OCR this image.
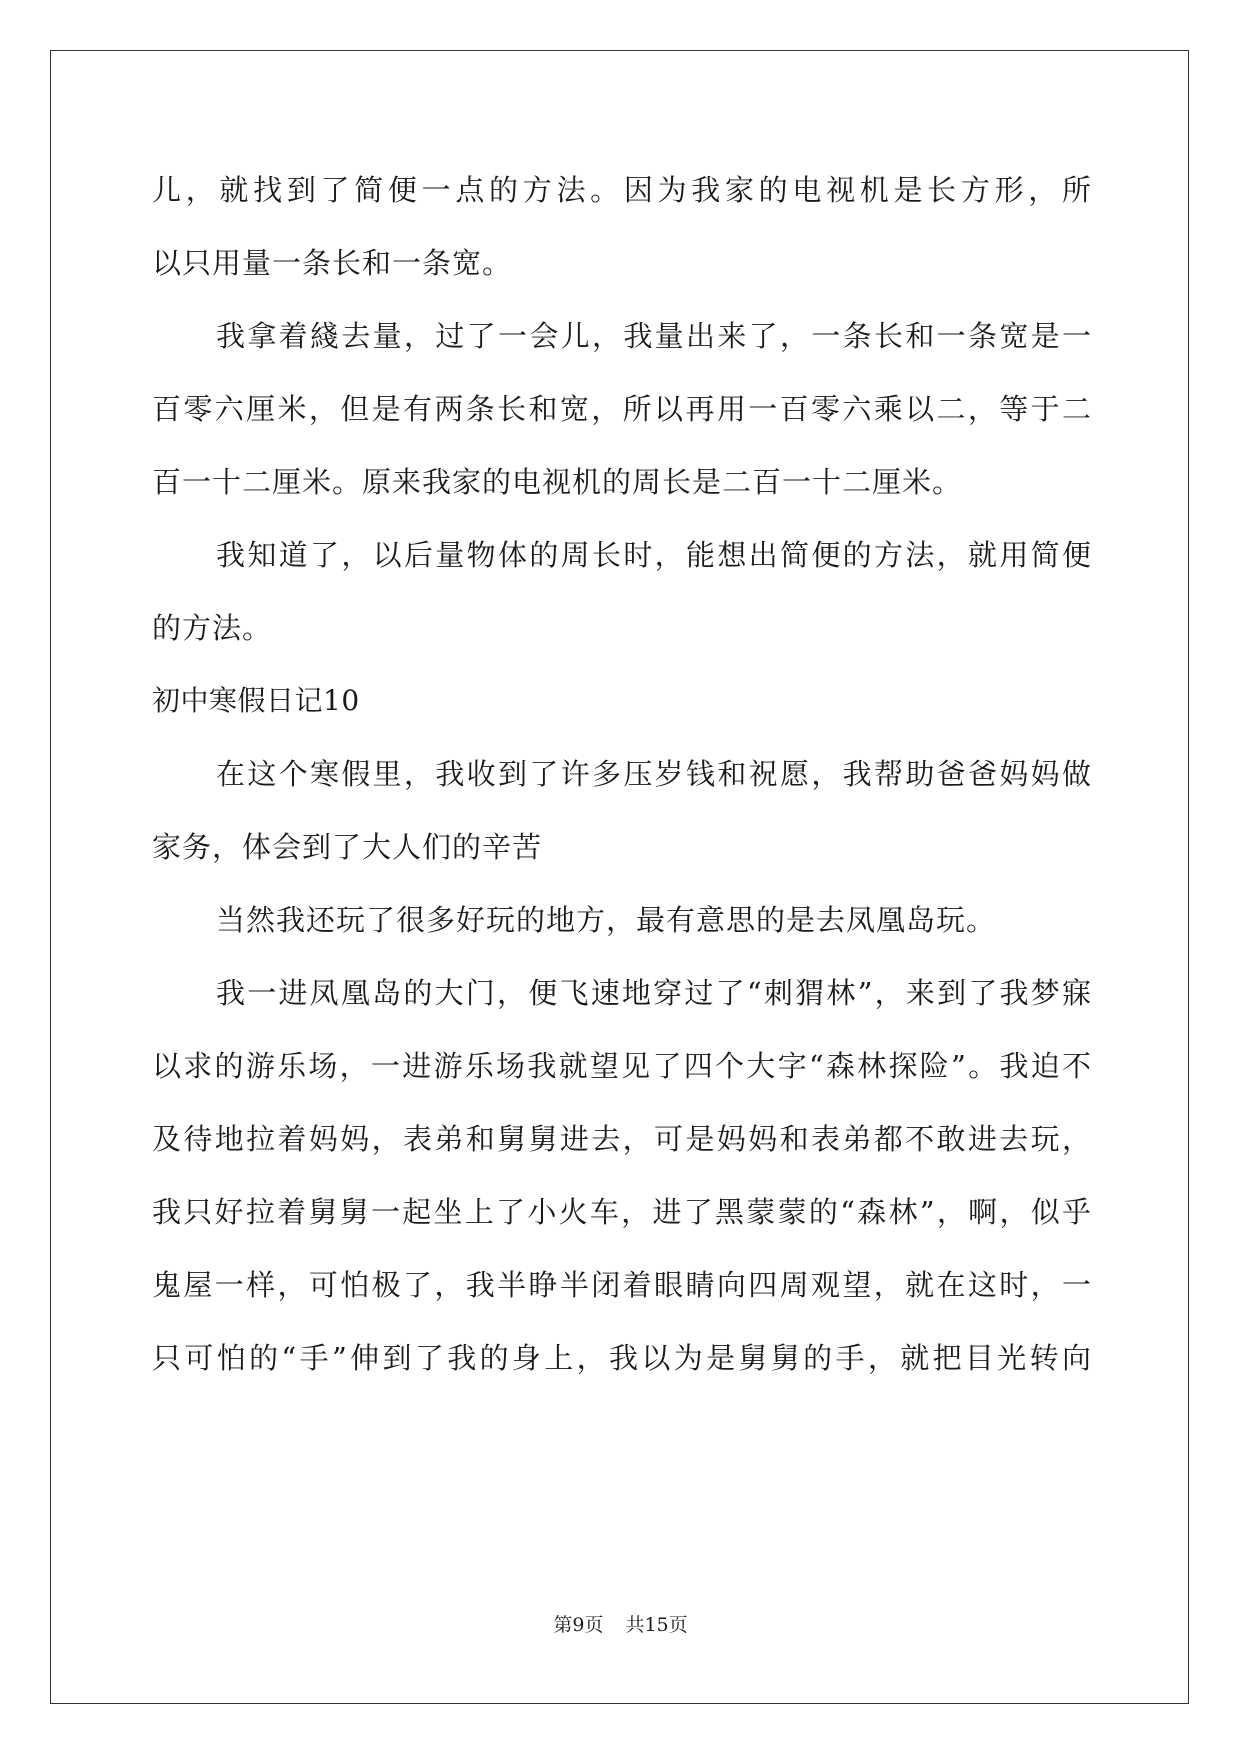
儿，就找到了简便一点的方法。因为我家的电视机是长方形，所
以只用量一条长和一条宽。
我拿着綫去量，过了一会儿，我量出来了，一条长和一条宽是一
百零六厘米，但是有两条长和宽，所以再用一百零六乘以二，等于二
百一十二厘米。原来我家的电视机的周长是二百一十二厘米。
我知道了，以后量物体的周长时，能想出简便的方法，就用简便
的方法。
初中寒假日记10
在这个寒假里，我收到了许多压岁钱和祝愿，我帮助爸爸妈妈做
家务，体会到了大人们的辛苦
当然我还玩了很多好玩的地方，最有意思的是去凤凰岛玩。
我一进凤凰岛的大门，便飞速地穿过了“刺猬林”，来到了我梦寐
以求的游乐场，一进游乐场我就望见了四个大字“森林探险”。我迫不
及待地拉着妈妈，表弟和舅舅进去，可是妈妈和表弟都不敢进去玩，
我只好拉着舅舅一起坐上了小火车，进了黑蒙蒙的“森林”，啊，似乎
鬼屋一样，可怕极了，我半睁半闭着眼睛向四周观望，就在这时，一
只可怕的“手”伸到了我的身上，我以为是舅舅的手，就把目光转向
第9页 共15页
